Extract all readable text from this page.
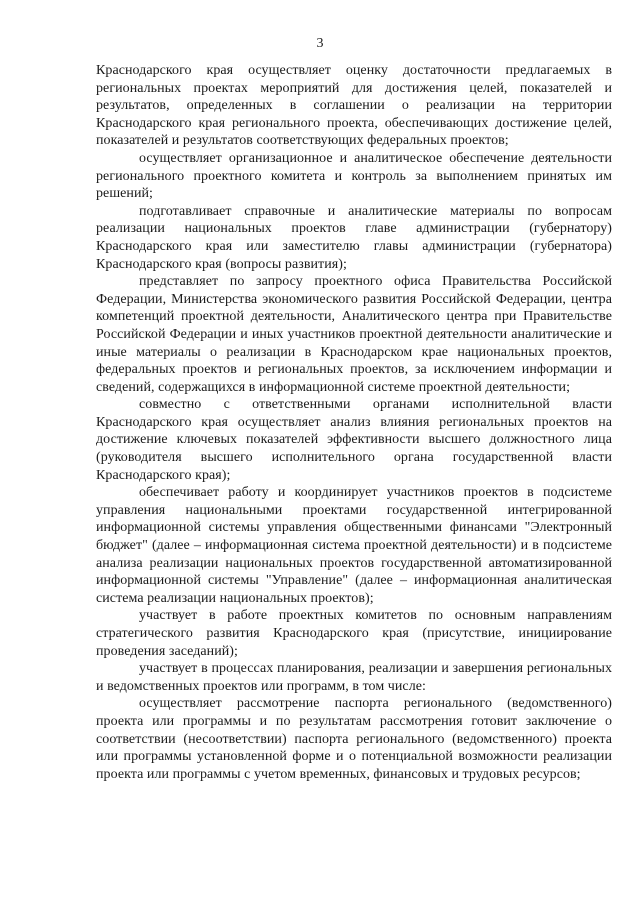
3

Краснодарского края осуществляет оценку достаточности предлагаемых в региональных проектах мероприятий для достижения целей, показателей и результатов, определенных в соглашении о реализации на территории Краснодарского края регионального проекта, обеспечивающих достижение целей, показателей и результатов соответствующих федеральных проектов;

осуществляет организационное и аналитическое обеспечение деятельности регионального проектного комитета и контроль за выполнением принятых им решений;

подготавливает справочные и аналитические материалы по вопросам реализации национальных проектов главе администрации (губернатору) Краснодарского края или заместителю главы администрации (губернатора) Краснодарского края (вопросы развития);

представляет по запросу проектного офиса Правительства Российской Федерации, Министерства экономического развития Российской Федерации, центра компетенций проектной деятельности, Аналитического центра при Правительстве Российской Федерации и иных участников проектной деятельности аналитические и иные материалы о реализации в Краснодарском крае национальных проектов, федеральных проектов и региональных проектов, за исключением информации и сведений, содержащихся в информационной системе проектной деятельности;

совместно с ответственными органами исполнительной власти Краснодарского края осуществляет анализ влияния региональных проектов на достижение ключевых показателей эффективности высшего должностного лица (руководителя высшего исполнительного органа государственной власти Краснодарского края);

обеспечивает работу и координирует участников проектов в подсистеме управления национальными проектами государственной интегрированной информационной системы управления общественными финансами "Электронный бюджет" (далее – информационная система проектной деятельности) и в подсистеме анализа реализации национальных проектов государственной автоматизированной информационной системы "Управление" (далее – информационная аналитическая система реализации национальных проектов);

участвует в работе проектных комитетов по основным направлениям стратегического развития Краснодарского края (присутствие, инициирование проведения заседаний);

участвует в процессах планирования, реализации и завершения региональных и ведомственных проектов или программ, в том числе:

осуществляет рассмотрение паспорта регионального (ведомственного) проекта или программы и по результатам рассмотрения готовит заключение о соответствии (несоответствии) паспорта регионального (ведомственного) проекта или программы установленной форме и о потенциальной возможности реализации проекта или программы с учетом временных, финансовых и трудовых ресурсов;
